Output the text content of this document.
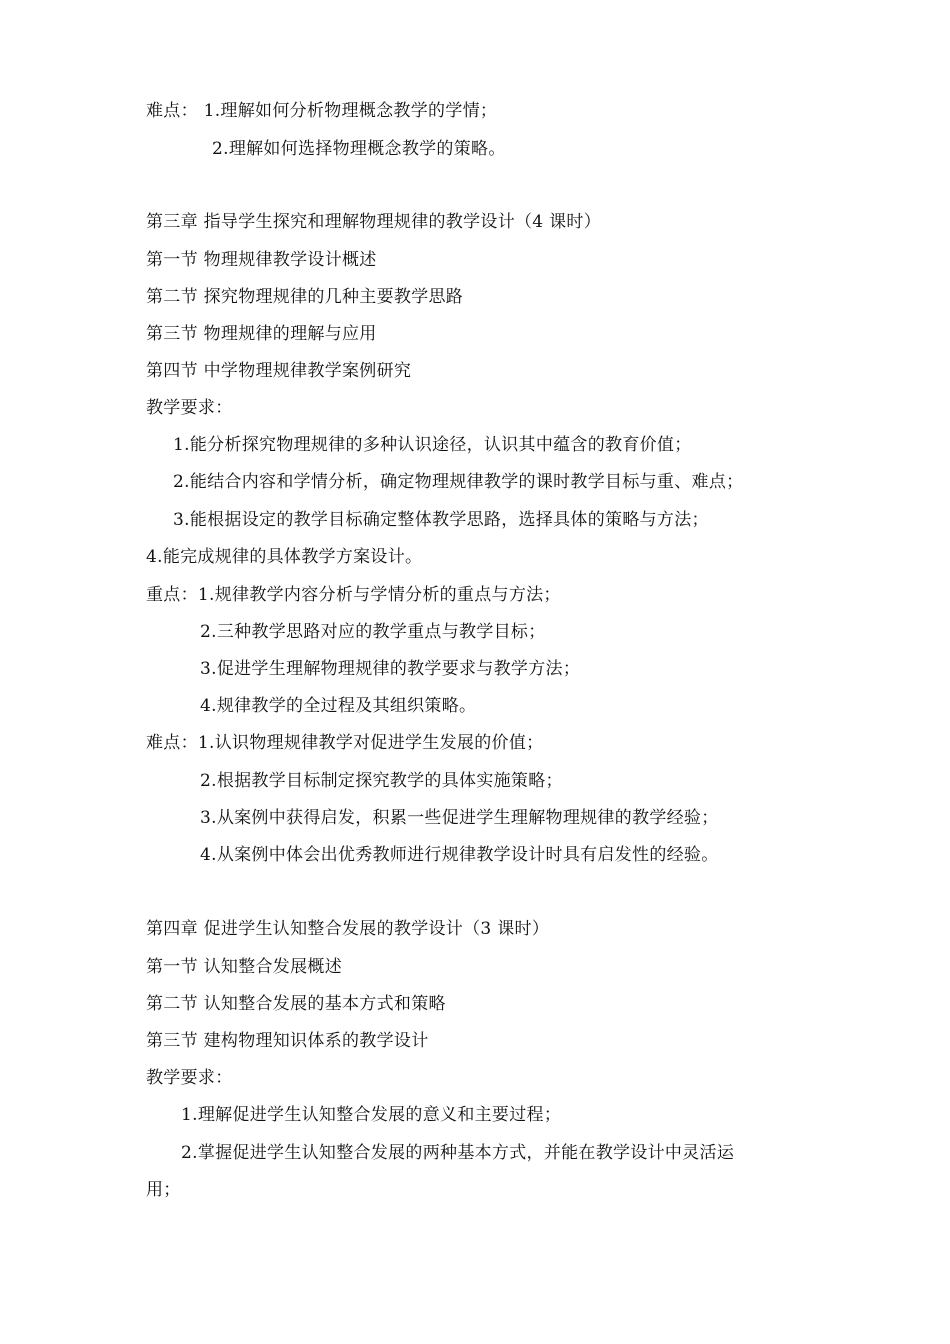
难点： 1.理解如何分析物理概念教学的学情；
2.理解如何选择物理概念教学的策略。
第三章 指导学生探究和理解物理规律的教学设计（4 课时）
第一节 物理规律教学设计概述
第二节 探究物理规律的几种主要教学思路
第三节 物理规律的理解与应用
第四节 中学物理规律教学案例研究
教学要求：
1.能分析探究物理规律的多种认识途径，认识其中蕴含的教育价值；
2.能结合内容和学情分析，确定物理规律教学的课时教学目标与重、难点；
3.能根据设定的教学目标确定整体教学思路，选择具体的策略与方法；
4.能完成规律的具体教学方案设计。
重点：1.规律教学内容分析与学情分析的重点与方法；
2.三种教学思路对应的教学重点与教学目标；
3.促进学生理解物理规律的教学要求与教学方法；
4.规律教学的全过程及其组织策略。
难点：1.认识物理规律教学对促进学生发展的价值；
2.根据教学目标制定探究教学的具体实施策略；
3.从案例中获得启发，积累一些促进学生理解物理规律的教学经验；
4.从案例中体会出优秀教师进行规律教学设计时具有启发性的经验。
第四章 促进学生认知整合发展的教学设计（3 课时）
第一节 认知整合发展概述
第二节 认知整合发展的基本方式和策略
第三节 建构物理知识体系的教学设计
教学要求：
1.理解促进学生认知整合发展的意义和主要过程；
2.掌握促进学生认知整合发展的两种基本方式，并能在教学设计中灵活运
用；
